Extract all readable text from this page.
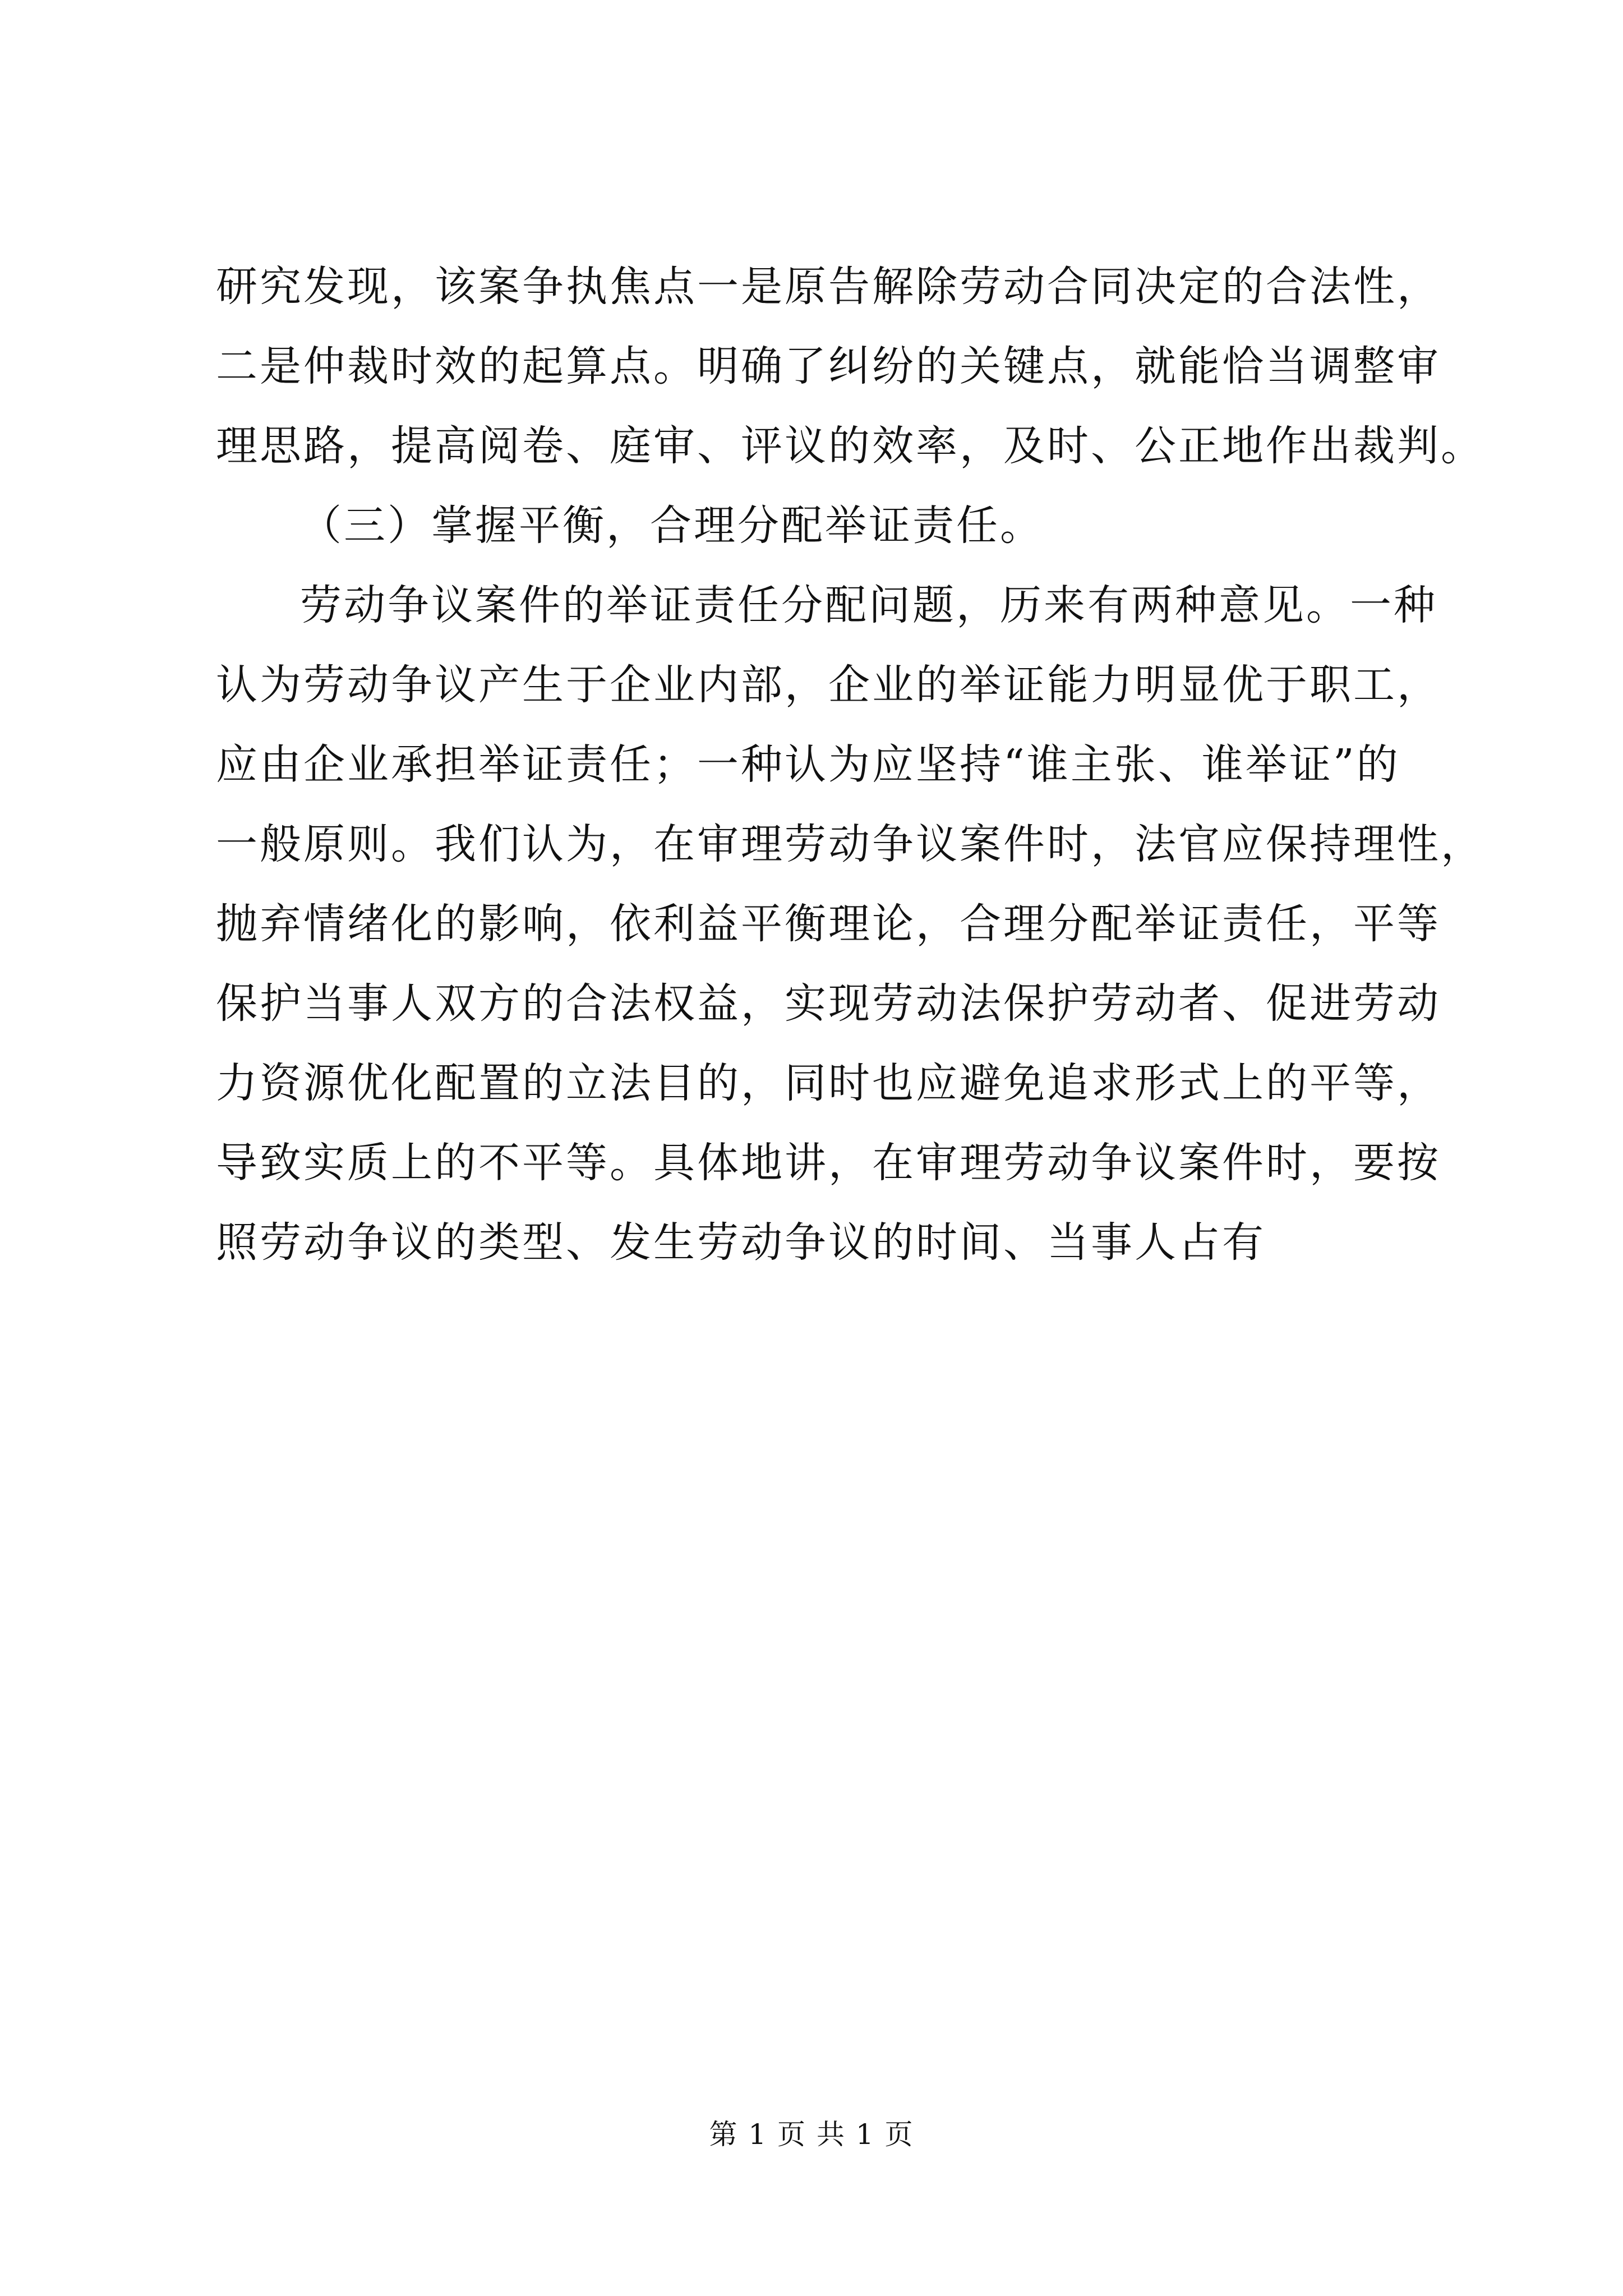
研究发现，该案争执焦点一是原告解除劳动合同决定的合法性，
二是仲裁时效的起算点。明确了纠纷的关键点，就能恰当调整审
理思路，提高阅卷、庭审、评议的效率，及时、公正地作出裁判。
（三）掌握平衡，合理分配举证责任。
劳动争议案件的举证责任分配问题，历来有两种意见。一种
认为劳动争议产生于企业内部，企业的举证能力明显优于职工，
应由企业承担举证责任；一种认为应坚持“谁主张、谁举证”的
一般原则。我们认为，在审理劳动争议案件时，法官应保持理性，
抛弃情绪化的影响，依利益平衡理论，合理分配举证责任，平等
保护当事人双方的合法权益，实现劳动法保护劳动者、促进劳动
力资源优化配置的立法目的，同时也应避免追求形式上的平等，
导致实质上的不平等。具体地讲，在审理劳动争议案件时，要按
照劳动争议的类型、发生劳动争议的时间、当事人占有
第 1 页 共 1 页
